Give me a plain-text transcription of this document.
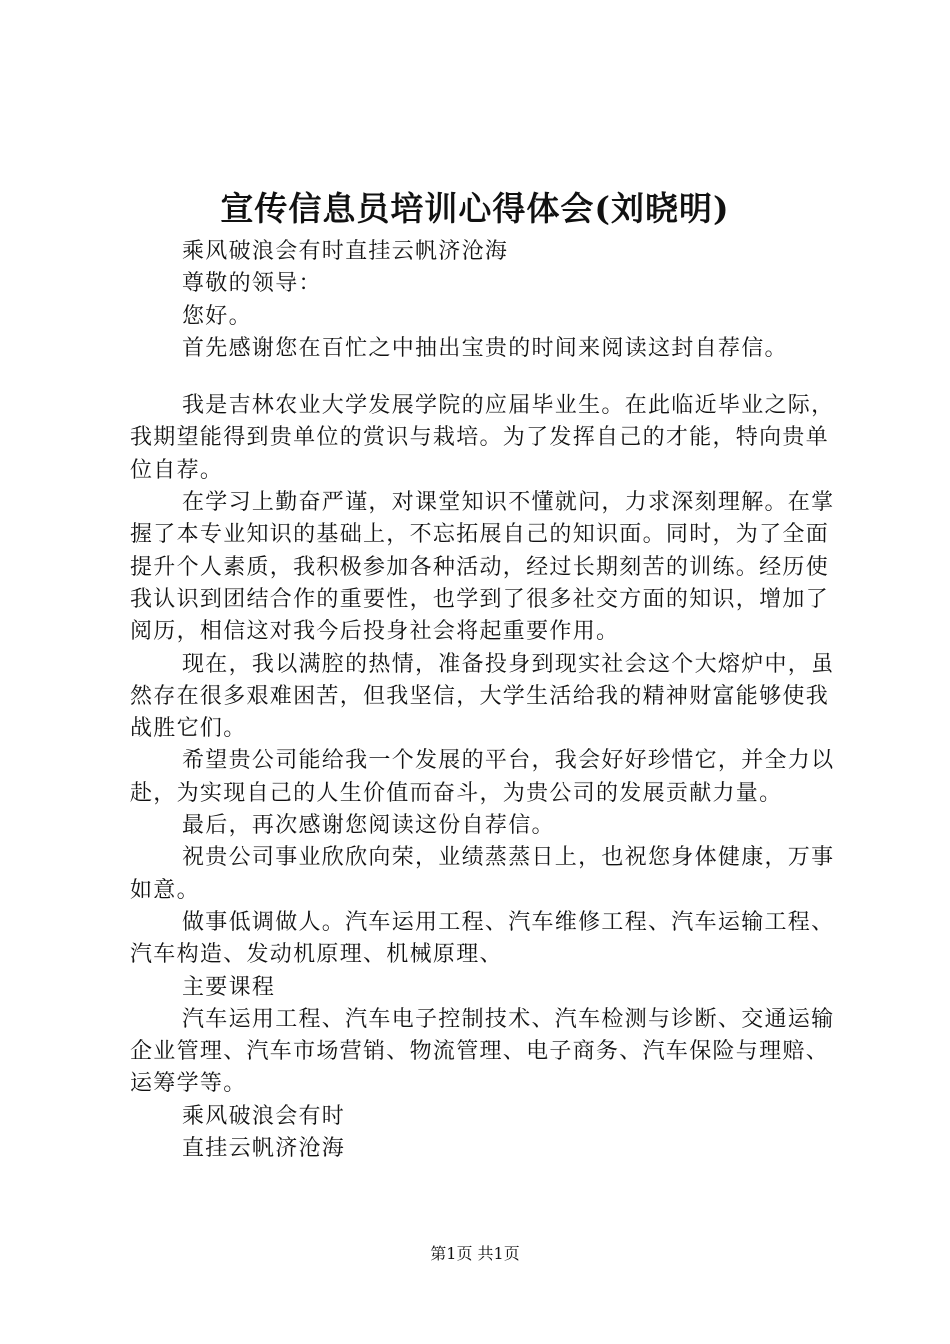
宣传信息员培训心得体会(刘晓明)

乘风破浪会有时直挂云帆济沧海

尊敬的领导：

您好。

首先感谢您在百忙之中抽出宝贵的时间来阅读这封自荐信。

我是吉林农业大学发展学院的应届毕业生。在此临近毕业之际，我期望能得到贵单位的赏识与栽培。为了发挥自己的才能，特向贵单位自荐。

在学习上勤奋严谨，对课堂知识不懂就问，力求深刻理解。在掌握了本专业知识的基础上，不忘拓展自己的知识面。同时，为了全面提升个人素质，我积极参加各种活动，经过长期刻苦的训练。经历使我认识到团结合作的重要性，也学到了很多社交方面的知识，增加了阅历，相信这对我今后投身社会将起重要作用。

现在，我以满腔的热情，准备投身到现实社会这个大熔炉中，虽然存在很多艰难困苦，但我坚信，大学生活给我的精神财富能够使我战胜它们。

希望贵公司能给我一个发展的平台，我会好好珍惜它，并全力以赴，为实现自己的人生价值而奋斗，为贵公司的发展贡献力量。

最后，再次感谢您阅读这份自荐信。

祝贵公司事业欣欣向荣，业绩蒸蒸日上，也祝您身体健康，万事如意。

做事低调做人。汽车运用工程、汽车维修工程、汽车运输工程、汽车构造、发动机原理、机械原理、

主要课程

汽车运用工程、汽车电子控制技术、汽车检测与诊断、交通运输企业管理、汽车市场营销、物流管理、电子商务、汽车保险与理赔、运筹学等。

乘风破浪会有时

直挂云帆济沧海

第1页 共1页
